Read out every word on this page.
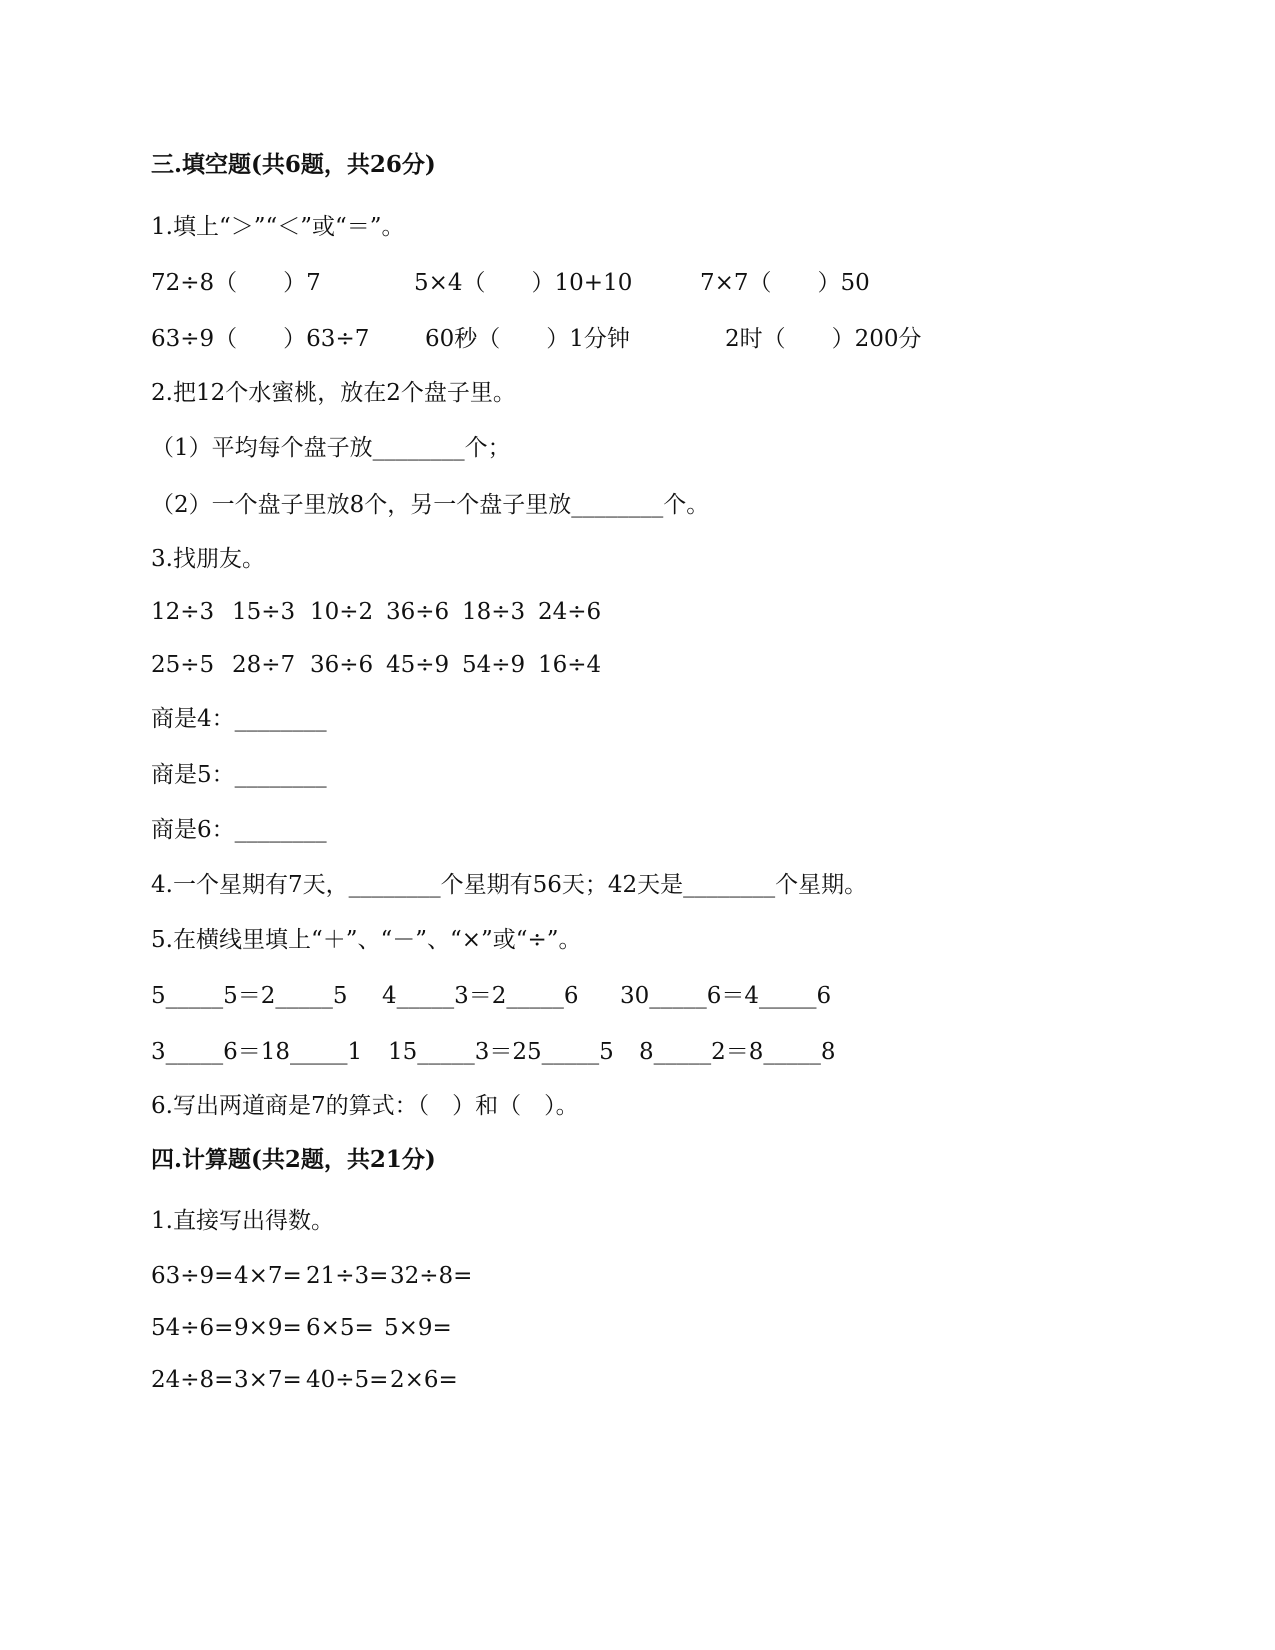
三.填空题(共6题，共26分)
1.填上“＞”“＜”或“＝”。
72÷8（　　）7	5×4（　　）10+10	7×7（　　）50
63÷9（　　）63÷7 60秒（　　）1分钟	2时（　　）200分
2.把12个水蜜桃，放在2个盘子里。
（1）平均每个盘子放________个；
（2）一个盘子里放8个，另一个盘子里放________个。
3.找朋友。
12÷3 15÷3 10÷2 36÷6 18÷3 24÷6
25÷5 28÷7 36÷6 45÷9 54÷9 16÷4
商是4：________
商是5：________
商是6：________
4.一个星期有7天，________个星期有56天；42天是________个星期。
5.在横线里填上“＋”、“－”、“×”或“÷”。
5_____5＝2_____5 4_____3＝2_____6 30_____6＝4_____6
3_____6＝18_____1 15_____3＝25_____5 8_____2＝8_____8
6.写出两道商是7的算式：（　）和（　）。
四.计算题(共2题，共21分)
1.直接写出得数。
63÷9= 4×7= 21÷3= 32÷8=
54÷6= 9×9= 6×5= 5×9=
24÷8= 3×7= 40÷5= 2×6=
